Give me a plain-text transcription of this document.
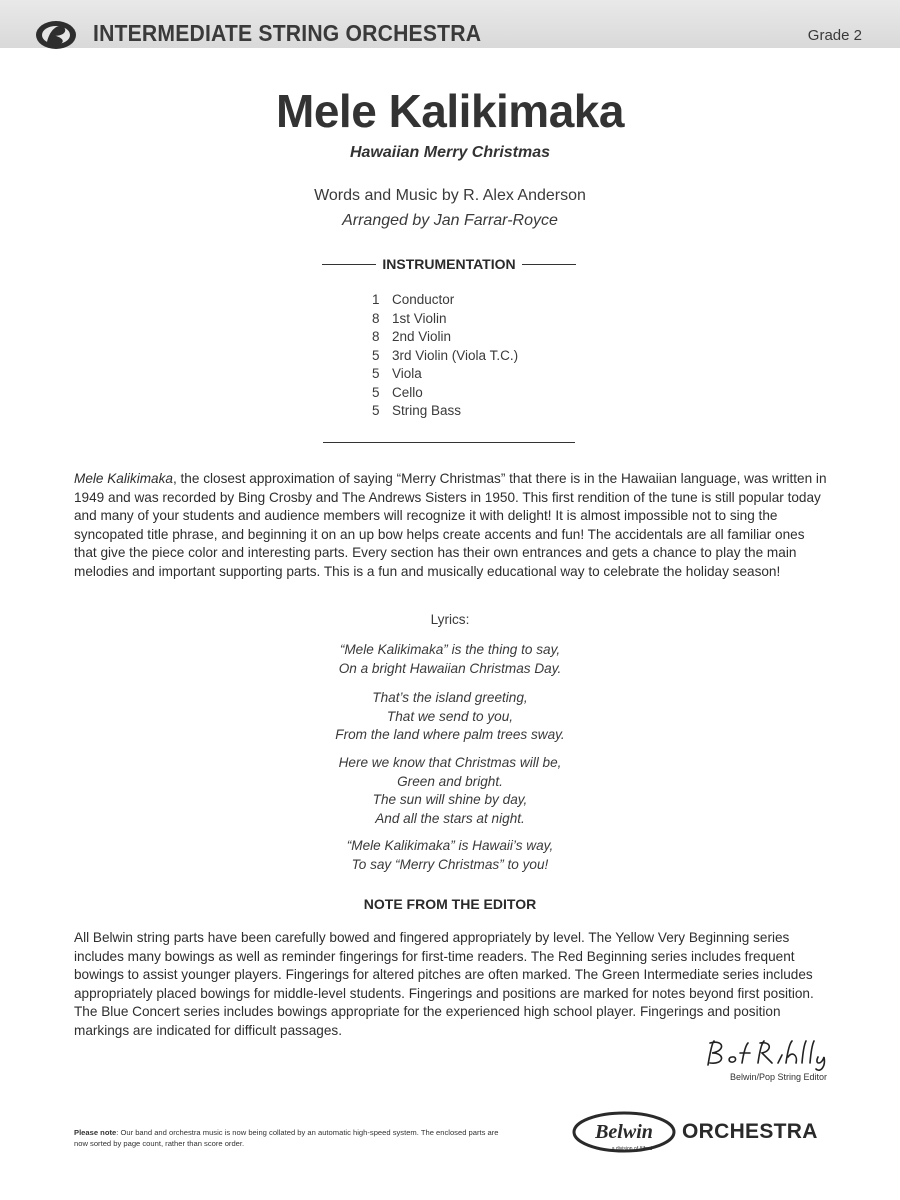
INTERMEDIATE STRING ORCHESTRA	Grade 2
Mele Kalikimaka
Hawaiian Merry Christmas
Words and Music by R. Alex Anderson
Arranged by Jan Farrar-Royce
INSTRUMENTATION
1 Conductor
8 1st Violin
8 2nd Violin
5 3rd Violin (Viola T.C.)
5 Viola
5 Cello
5 String Bass

Mele Kalikimaka, the closest approximation of saying “Merry Christmas” that there is in the Hawaiian language, was written in 1949 and was recorded by Bing Crosby and The Andrews Sisters in 1950. This first rendition of the tune is still popular today and many of your students and audience members will recognize it with delight! It is almost impossible not to sing the syncopated title phrase, and beginning it on an up bow helps create accents and fun! The accidentals are all familiar ones that give the piece color and interesting parts. Every section has their own entrances and gets a chance to play the main melodies and important supporting parts. This is a fun and musically educational way to celebrate the holiday season!

Lyrics:
“Mele Kalikimaka” is the thing to say,
On a bright Hawaiian Christmas Day.
That’s the island greeting,
That we send to you,
From the land where palm trees sway.
Here we know that Christmas will be,
Green and bright.
The sun will shine by day,
And all the stars at night.
“Mele Kalikimaka” is Hawaii’s way,
To say “Merry Christmas” to you!
NOTE FROM THE EDITOR

All Belwin string parts have been carefully bowed and fingered appropriately by level. The Yellow Very Beginning series includes many bowings as well as reminder fingerings for first-time readers. The Red Beginning series includes frequent bowings to assist younger players. Fingerings for altered pitches are often marked. The Green Intermediate series includes appropriately placed bowings for middle-level students. Fingerings and positions are marked for notes beyond first position. The Blue Concert series includes bowings appropriate for the experienced high school player. Fingerings and position markings are indicated for difficult passages.

Belwin/Pop String Editor

Please note: Our band and orchestra music is now being collated by an automatic high-speed system. The enclosed parts are now sorted by page count, rather than score order.

Belwin
a division of Alfred
ORCHESTRA
